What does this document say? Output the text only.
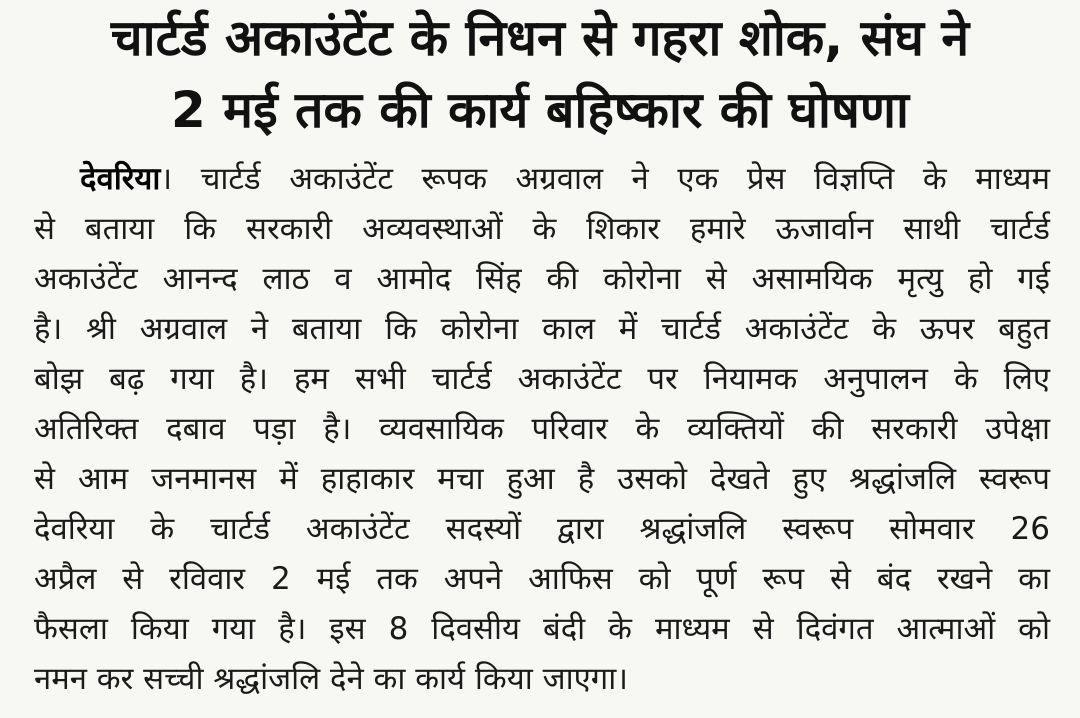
चार्टर्ड अकाउंटेंट के निधन से गहरा शोक, संघ ने
2 मई तक की कार्य बहिष्कार की घोषणा

देवरिया। चार्टर्ड अकाउंटेंट रूपक अग्रवाल ने एक प्रेस विज्ञप्ति के माध्यम

से बताया कि सरकारी अव्यवस्थाओं के शिकार हमारे ऊजार्वान साथी चार्टर्ड

अकाउंटेंट आनन्द लाठ व आमोद सिंह की कोरोना से असामयिक मृत्यु हो गई

है। श्री अग्रवाल ने बताया कि कोरोना काल में चार्टर्ड अकाउंटेंट के ऊपर बहुत

बोझ बढ़ गया है। हम सभी चार्टर्ड अकाउंटेंट पर नियामक अनुपालन के लिए

अतिरिक्त दबाव पड़ा है। व्यवसायिक परिवार के व्यक्तियों की सरकारी उपेक्षा

से आम जनमानस में हाहाकार मचा हुआ है उसको देखते हुए श्रद्धांजलि स्वरूप

देवरिया के चार्टर्ड अकाउंटेंट सदस्यों द्वारा श्रद्धांजलि स्वरूप सोमवार 26

अप्रैल से रविवार 2 मई तक अपने आफिस को पूर्ण रूप से बंद रखने का

फैसला किया गया है। इस 8 दिवसीय बंदी के माध्यम से दिवंगत आत्माओं को

नमन कर सच्ची श्रद्धांजलि देने का कार्य किया जाएगा।
